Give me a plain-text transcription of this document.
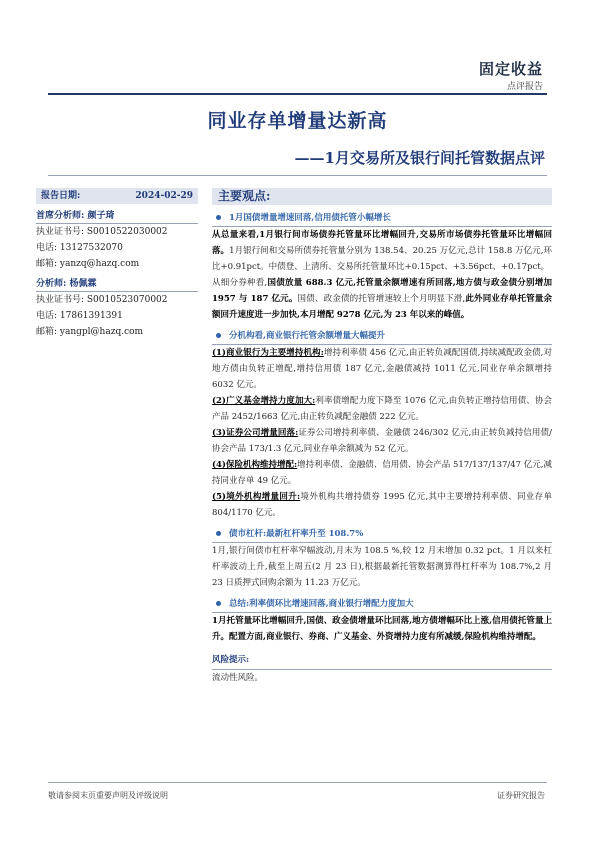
固定收益
点评报告
同业存单增量达新高
——1月交易所及银行间托管数据点评
报告日期:	2024-02-29
首席分析师: 颜子琦
执业证书号: S0010522030002
电话: 13127532070
邮箱: yanzq@hazq.com
分析师: 杨佩霖
执业证书号: S0010523070002
电话: 17861391391
邮箱: yangpl@hazq.com
主要观点:
1月国债增量增速回落,信用债托管小幅增长
从总量来看,1月银行间市场债券托管量环比增幅回升,交易所市场债券托管量环比增幅回落。1月银行间和交易所债券托管量分别为 138.54、20.25 万亿元,总计 158.8 万亿元,环比+0.91pct。中债登、上清所、交易所托管量环比+0.15pct、+3.56pct、+0.17pct。
从细分券种看,国债放量 688.3 亿元,托管量余额增速有所回落,地方债与政金债分别增加 1957 与 187 亿元。国债、政金债的托管增速较上个月明显下滑,此外同业存单托管量余额回升速度进一步加快,本月增配 9278 亿元,为 23 年以来的峰值。
分机构看,商业银行托管余额增量大幅提升
(1)商业银行为主要增持机构:增持利率债 456 亿元,由正转负减配国债,持续减配政金债,对地方债由负转正增配,增持信用债 187 亿元,金融债减持 1011 亿元,同业存单余额增持 6032 亿元。
(2)广义基金增持力度加大:利率债增配力度下降至 1076 亿元,由负转正增持信用债、协会产品 2452/1663 亿元,由正转负减配金融债 222 亿元。
(3)证券公司增量回落:证券公司增持利率债、金融债 246/302 亿元,由正转负减持信用债/协会产品 173/1.3 亿元,同业存单余额减为 52 亿元。
(4)保险机构维持增配:增持利率债、金融债、信用债、协会产品 517/137/137/47 亿元,减持同业存单 49 亿元。
(5)境外机构增量回升:境外机构共增持债券 1995 亿元,其中主要增持利率债、同业存单 804/1170 亿元。
债市杠杆:最新杠杆率升至 108.7%
1月,银行间债市杠杆率窄幅波动,月末为 108.5 %,较 12 月末增加 0.32 pct。1 月以来杠杆率波动上升,截至上周五(2 月 23 日),根据最新托管数据测算得杠杆率为 108.7%,2 月 23 日质押式回购余额为 11.23 万亿元。
总结:利率债环比增速回落,商业银行增配力度加大
1月托管量环比增幅回升,国债、政金债增量环比回落,地方债增幅环比上涨,信用债托管量上升。配置方面,商业银行、券商、广义基金、外资增持力度有所减缓,保险机构维持增配。
风险提示:
流动性风险。
敬请参阅末页重要声明及评级说明	证券研究报告
